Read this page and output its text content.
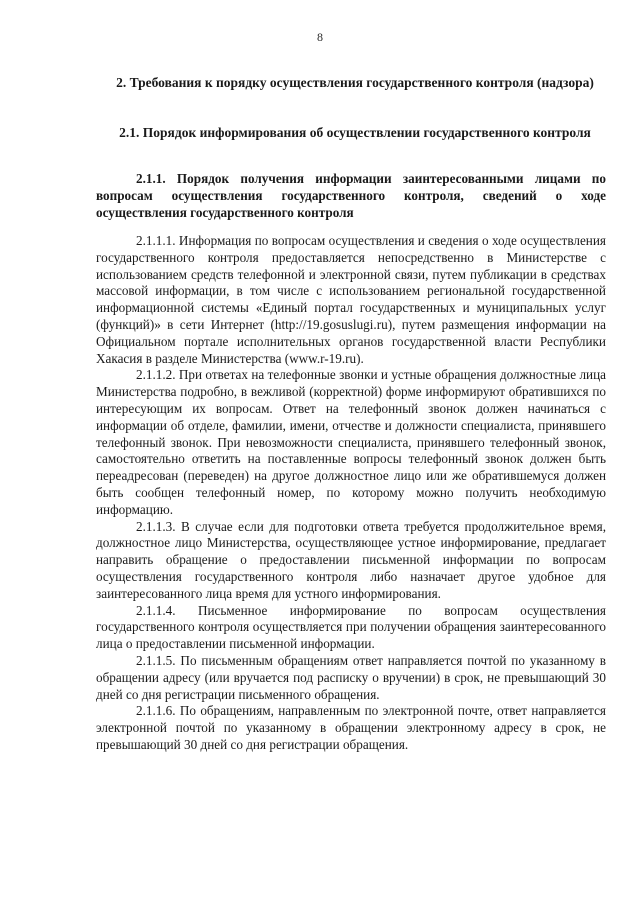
8
2. Требования к порядку осуществления государственного контроля (надзора)
2.1. Порядок информирования об осуществлении государственного контроля
2.1.1. Порядок получения информации заинтересованными лицами по вопросам осуществления государственного контроля, сведений о ходе осуществления государственного контроля

2.1.1.1. Информация по вопросам осуществления и сведения о ходе осуществления государственного контроля предоставляется непосредственно в Министерстве с использованием средств телефонной и электронной связи, путем публикации в средствах массовой информации, в том числе с использованием региональной государственной информационной системы «Единый портал государственных и муниципальных услуг (функций)» в сети Интернет (http://19.gosuslugi.ru), путем размещения информации на Официальном портале исполнительных органов государственной власти Республики Хакасия в разделе Министерства (www.r-19.ru).

2.1.1.2. При ответах на телефонные звонки и устные обращения должностные лица Министерства подробно, в вежливой (корректной) форме информируют обратившихся по интересующим их вопросам. Ответ на телефонный звонок должен начинаться с информации об отделе, фамилии, имени, отчестве и должности специалиста, принявшего телефонный звонок. При невозможности специалиста, принявшего телефонный звонок, самостоятельно ответить на поставленные вопросы телефонный звонок должен быть переадресован (переведен) на другое должностное лицо или же обратившемуся должен быть сообщен телефонный номер, по которому можно получить необходимую информацию.

2.1.1.3. В случае если для подготовки ответа требуется продолжительное время, должностное лицо Министерства, осуществляющее устное информирование, предлагает направить обращение о предоставлении письменной информации по вопросам осуществления государственного контроля либо назначает другое удобное для заинтересованного лица время для устного информирования.

2.1.1.4. Письменное информирование по вопросам осуществления государственного контроля осуществляется при получении обращения заинтересованного лица о предоставлении письменной информации.

2.1.1.5. По письменным обращениям ответ направляется почтой по указанному в обращении адресу (или вручается под расписку о вручении) в срок, не превышающий 30 дней со дня регистрации письменного обращения.

2.1.1.6. По обращениям, направленным по электронной почте, ответ направляется электронной почтой по указанному в обращении электронному адресу в срок, не превышающий 30 дней со дня регистрации обращения.
